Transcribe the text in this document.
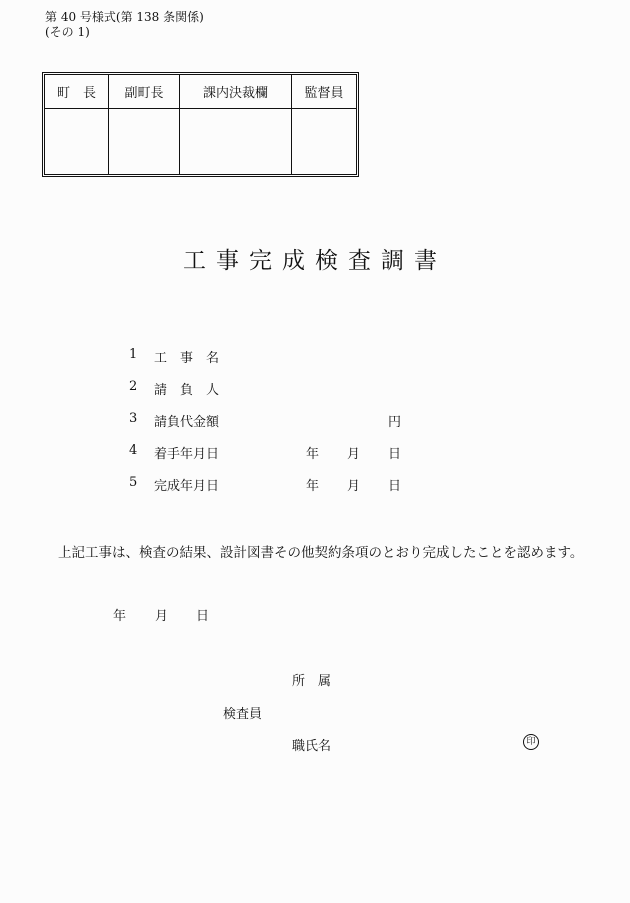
第 40 号様式(第 138 条関係)
(その 1)
町　長	副町長	課内決裁欄	監督員

工事完成検査調書
1 工　事　名
2 請　負　人
3 請負代金額	円
4 着手年月日	年 月 日
5 完成年月日	年 月 日
上記工事は、検査の結果、設計図書その他契約条項のとおり完成したことを認めます。
年 月 日
所　属
検査員
職氏名	印
